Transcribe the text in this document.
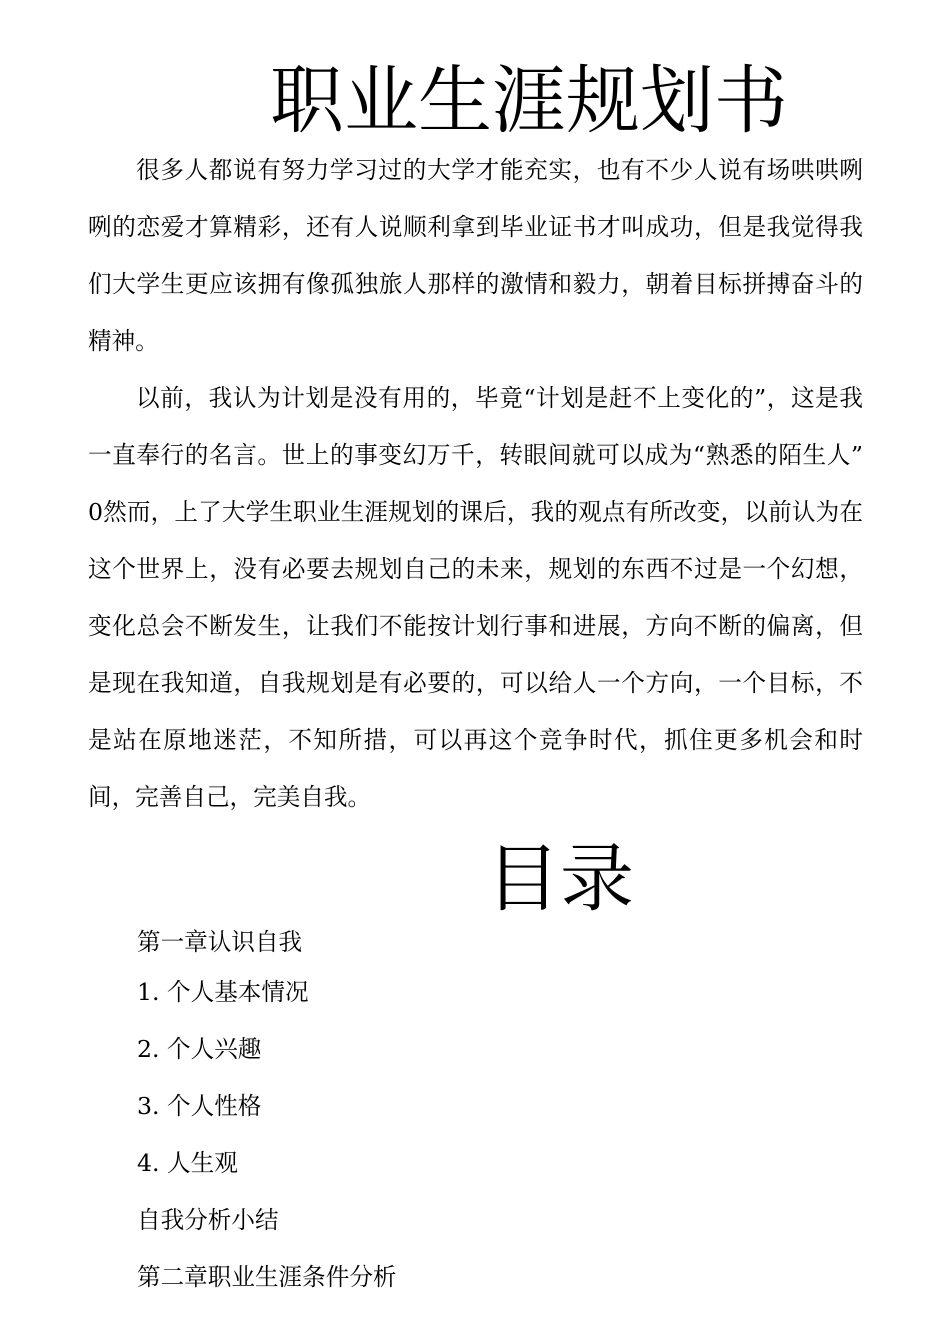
职业生涯规划书

很多人都说有努力学习过的大学才能充实，也有不少人说有场哄哄咧咧的恋爱才算精彩，还有人说顺利拿到毕业证书才叫成功，但是我觉得我们大学生更应该拥有像孤独旅人那样的激情和毅力，朝着目标拼搏奋斗的精神。

以前，我认为计划是没有用的，毕竟“计划是赶不上变化的”，这是我一直奉行的名言。世上的事变幻万千，转眼间就可以成为“熟悉的陌生人” 0然而，上了大学生职业生涯规划的课后，我的观点有所改变，以前认为在这个世界上，没有必要去规划自己的未来，规划的东西不过是一个幻想，变化总会不断发生，让我们不能按计划行事和进展，方向不断的偏离，但是现在我知道，自我规划是有必要的，可以给人一个方向，一个目标，不是站在原地迷茫，不知所措，可以再这个竞争时代，抓住更多机会和时间，完善自己，完美自我。

目录
第一章认识自我
1. 个人基本情况
2. 个人兴趣
3. 个人性格
4. 人生观
自我分析小结
第二章职业生涯条件分析
